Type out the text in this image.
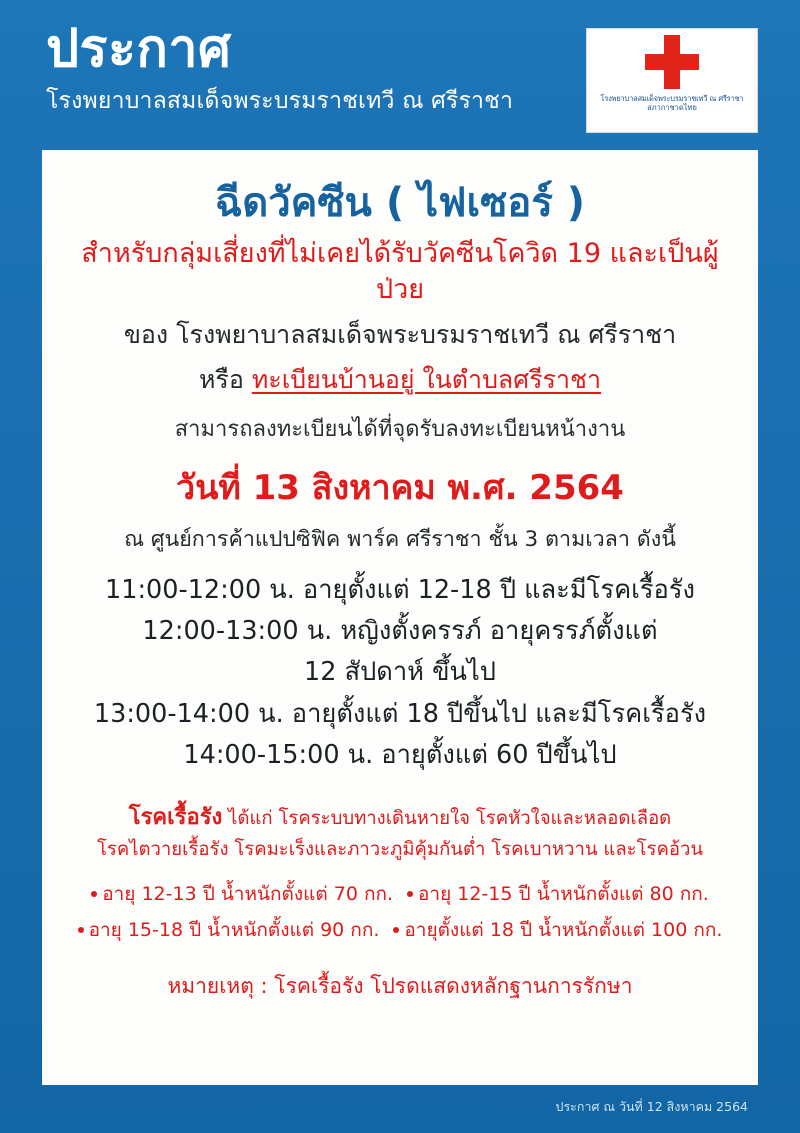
ประกาศ
โรงพยาบาลสมเด็จพระบรมราชเทวี ณ ศรีราชา	โรงพยาบาลสมเด็จพระบรมราชเทวี ณ ศรีราชา
สภากาชาดไทย
ฉีดวัคซีน ( ไฟเซอร์ )
สำหรับกลุ่มเสี่ยงที่ไม่เคยได้รับวัคซีนโควิด 19 และเป็นผู้ป่วย
ของ โรงพยาบาลสมเด็จพระบรมราชเทวี ณ ศรีราชา
หรือ ทะเบียนบ้านอยู่ ในตำบลศรีราชา
สามารถลงทะเบียนได้ที่จุดรับลงทะเบียนหน้างาน
วันที่ 13 สิงหาคม พ.ศ. 2564
ณ ศูนย์การค้าแปปซิฟิค พาร์ค ศรีราชา ชั้น 3 ตามเวลา ดังนี้
11:00-12:00 น. อายุตั้งแต่ 12-18 ปี และมีโรคเรื้อรัง
12:00-13:00 น. หญิงตั้งครรภ์ อายุครรภ์ตั้งแต่
12 สัปดาห์ ขึ้นไป
13:00-14:00 น. อายุตั้งแต่ 18 ปีขึ้นไป และมีโรคเรื้อรัง
14:00-15:00 น. อายุตั้งแต่ 60 ปีขึ้นไป
โรคเรื้อรัง ได้แก่ โรคระบบทางเดินหายใจ โรคหัวใจและหลอดเลือด
โรคไตวายเรื้อรัง โรคมะเร็งและภาวะภูมิคุ้มกันต่ำ โรคเบาหวาน และโรคอ้วน
อายุ 12-13 ปี น้ำหนักตั้งแต่ 70 กก. อายุ 12-15 ปี น้ำหนักตั้งแต่ 80 กก.
อายุ 15-18 ปี น้ำหนักตั้งแต่ 90 กก. อายุตั้งแต่ 18 ปี น้ำหนักตั้งแต่ 100 กก.
หมายเหตุ : โรคเรื้อรัง โปรดแสดงหลักฐานการรักษา
ประกาศ ณ วันที่ 12 สิงหาคม 2564
